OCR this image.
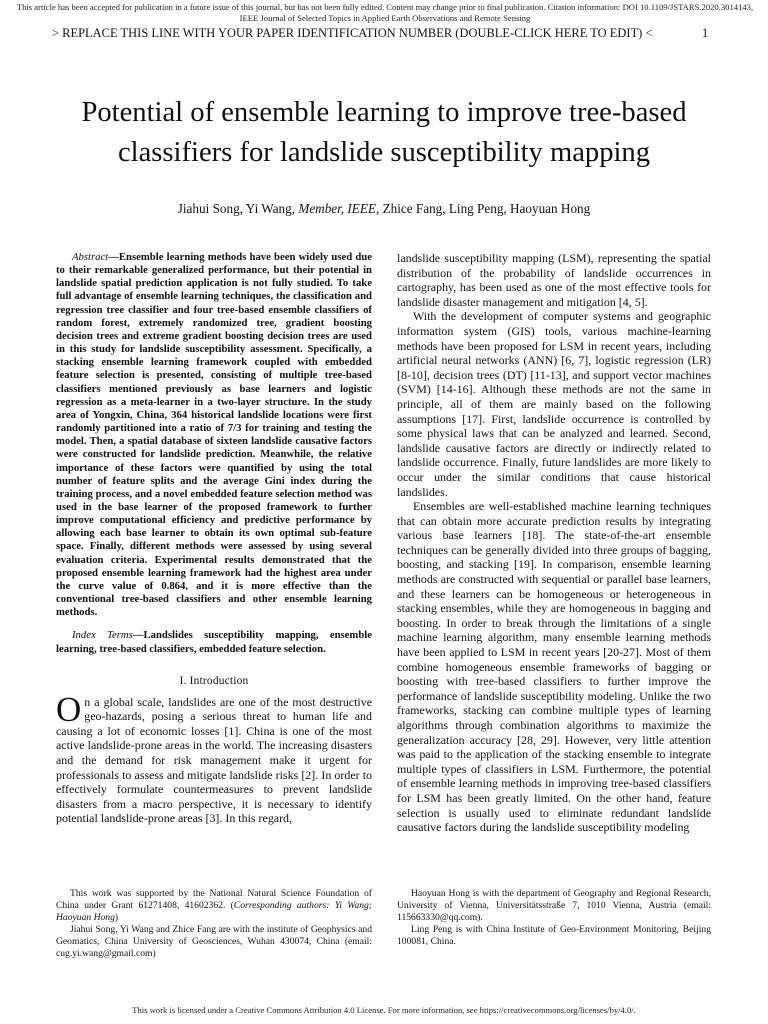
This article has been accepted for publication in a future issue of this journal, but has not been fully edited. Content may change prior to final publication. Citation information: DOI 10.1109/JSTARS.2020.3014143, IEEE Journal of Selected Topics in Applied Earth Observations and Remote Sensing
> REPLACE THIS LINE WITH YOUR PAPER IDENTIFICATION NUMBER (DOUBLE-CLICK HERE TO EDIT) <	1
Potential of ensemble learning to improve tree-based classifiers for landslide susceptibility mapping
Jiahui Song, Yi Wang, Member, IEEE, Zhice Fang, Ling Peng, Haoyuan Hong

Abstract—Ensemble learning methods have been widely used due to their remarkable generalized performance, but their potential in landslide spatial prediction application is not fully studied. To take full advantage of ensemble learning techniques, the classification and regression tree classifier and four tree-based ensemble classifiers of random forest, extremely randomized tree, gradient boosting decision trees and extreme gradient boosting decision trees are used in this study for landslide susceptibility assessment. Specifically, a stacking ensemble learning framework coupled with embedded feature selection is presented, consisting of multiple tree-based classifiers mentioned previously as base learners and logistic regression as a meta-learner in a two-layer structure. In the study area of Yongxin, China, 364 historical landslide locations were first randomly partitioned into a ratio of 7/3 for training and testing the model. Then, a spatial database of sixteen landslide causative factors were constructed for landslide prediction. Meanwhile, the relative importance of these factors were quantified by using the total number of feature splits and the average Gini index during the training process, and a novel embedded feature selection method was used in the base learner of the proposed framework to further improve computational efficiency and predictive performance by allowing each base learner to obtain its own optimal sub-feature space. Finally, different methods were assessed by using several evaluation criteria. Experimental results demonstrated that the proposed ensemble learning framework had the highest area under the curve value of 0.864, and it is more effective than the conventional tree-based classifiers and other ensemble learning methods.

Index Terms—Landslides susceptibility mapping, ensemble learning, tree-based classifiers, embedded feature selection.

I. Introduction

On a global scale, landslides are one of the most destructive geo-hazards, posing a serious threat to human life and causing a lot of economic losses [1]. China is one of the most active landslide-prone areas in the world. The increasing disasters and the demand for risk management make it urgent for professionals to assess and mitigate landslide risks [2]. In order to effectively formulate countermeasures to prevent landslide disasters from a macro perspective, it is necessary to identify potential landslide-prone areas [3]. In this regard,

landslide susceptibility mapping (LSM), representing the spatial distribution of the probability of landslide occurrences in cartography, has been used as one of the most effective tools for landslide disaster management and mitigation [4, 5].

With the development of computer systems and geographic information system (GIS) tools, various machine-learning methods have been proposed for LSM in recent years, including artificial neural networks (ANN) [6, 7], logistic regression (LR) [8-10], decision trees (DT) [11-13], and support vector machines (SVM) [14-16]. Although these methods are not the same in principle, all of them are mainly based on the following assumptions [17]. First, landslide occurrence is controlled by some physical laws that can be analyzed and learned. Second, landslide causative factors are directly or indirectly related to landslide occurrence. Finally, future landslides are more likely to occur under the similar conditions that cause historical landslides.

Ensembles are well-established machine learning techniques that can obtain more accurate prediction results by integrating various base learners [18]. The state-of-the-art ensemble techniques can be generally divided into three groups of bagging, boosting, and stacking [19]. In comparison, ensemble learning methods are constructed with sequential or parallel base learners, and these learners can be homogeneous or heterogeneous in stacking ensembles, while they are homogeneous in bagging and boosting. In order to break through the limitations of a single machine learning algorithm, many ensemble learning methods have been applied to LSM in recent years [20-27]. Most of them combine homogeneous ensemble frameworks of bagging or boosting with tree-based classifiers to further improve the performance of landslide susceptibility modeling. Unlike the two frameworks, stacking can combine multiple types of learning algorithms through combination algorithms to maximize the generalization accuracy [28, 29]. However, very little attention was paid to the application of the stacking ensemble to integrate multiple types of classifiers in LSM. Furthermore, the potential of ensemble learning methods in improving tree-based classifiers for LSM has been greatly limited. On the other hand, feature selection is usually used to eliminate redundant landslide causative factors during the landslide susceptibility modeling

This work was supported by the National Natural Science Foundation of China under Grant 61271408, 41602362. (Corresponding authors: Yi Wang; Haoyuan Hong)

Jiahui Song, Yi Wang and Zhice Fang are with the institute of Geophysics and Geomatics, China University of Geosciences, Wuhan 430074, China (email: cug.yi.wang@gmail.com)

Haoyuan Hong is with the department of Geography and Regional Research, University of Vienna, Universitätsstraße 7, 1010 Vienna, Austria (email: 115663330@qq.com).

Ling Peng is with China Institute of Geo-Environment Monitoring, Beijing 100081, China.

This work is licensed under a Creative Commons Attribution 4.0 License. For more information, see https://creativecommons.org/licenses/by/4.0/.
